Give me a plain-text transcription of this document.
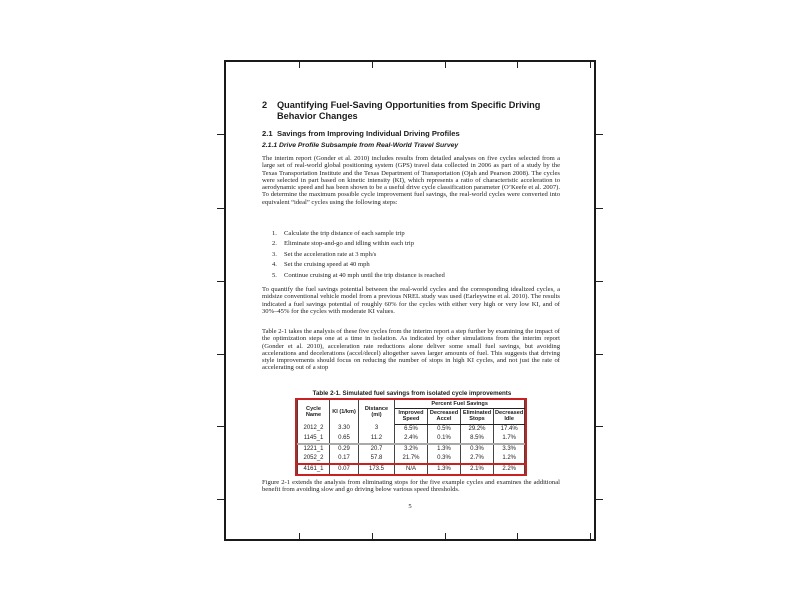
2	Quantifying Fuel-Saving Opportunities from Specific Driving Behavior Changes
2.1 Savings from Improving Individual Driving Profiles
2.1.1 Drive Profile Subsample from Real-World Travel Survey
The interim report (Gonder et al. 2010) includes results from detailed analyses on five cycles selected from a large set of real-world global positioning system (GPS) travel data collected in 2006 as part of a study by the Texas Transportation Institute and the Texas Department of Transportation (Ojah and Pearson 2008). The cycles were selected in part based on kinetic intensity (KI), which represents a ratio of characteristic acceleration to aerodynamic speed and has been shown to be a useful drive cycle classification parameter (O’Keefe et al. 2007). To determine the maximum possible cycle improvement fuel savings, the real-world cycles were converted into equivalent “ideal” cycles using the following steps:
1.	Calculate the trip distance of each sample trip
2.	Eliminate stop-and-go and idling within each trip
3.	Set the acceleration rate at 3 mph/s
4.	Set the cruising speed at 40 mph
5.	Continue cruising at 40 mph until the trip distance is reached
To quantify the fuel savings potential between the real-world cycles and the corresponding idealized cycles, a midsize conventional vehicle model from a previous NREL study was used (Earleywine et al. 2010). The results indicated a fuel savings potential of roughly 60% for the cycles with either very high or very low KI, and of 30%–45% for the cycles with moderate KI values.
Table 2-1 takes the analysis of these five cycles from the interim report a step further by examining the impact of the optimization steps one at a time in isolation. As indicated by other simulations from the interim report (Gonder et al. 2010), acceleration rate reductions alone deliver some small fuel savings, but avoiding accelerations and decelerations (accel/decel) altogether saves larger amounts of fuel. This suggests that driving style improvements should focus on reducing the number of stops in high KI cycles, and not just the rate of accelerating out of a stop
Table 2-1. Simulated fuel savings from isolated cycle improvements
Cycle Name	KI (1/km)	Distance (mi)	Percent Fuel Savings			
			Improved Speed	Decreased Accel	Eliminated Stops	Decreased Idle
2012_2	3.30	3	6.5%	0.5%	29.2%	17.4%
1145_1	0.65	11.2	2.4%	0.1%	8.5%	1.7%
1221_1	0.29	20.7	3.2%	1.3%	0.3%	3.3%
2052_2	0.17	57.8	21.7%	0.3%	2.7%	1.2%
4161_1	0.07	173.5	N/A	1.3%	2.1%	2.2%
Figure 2-1 extends the analysis from eliminating stops for the five example cycles and examines the additional benefit from avoiding slow and go driving below various speed thresholds.
5
